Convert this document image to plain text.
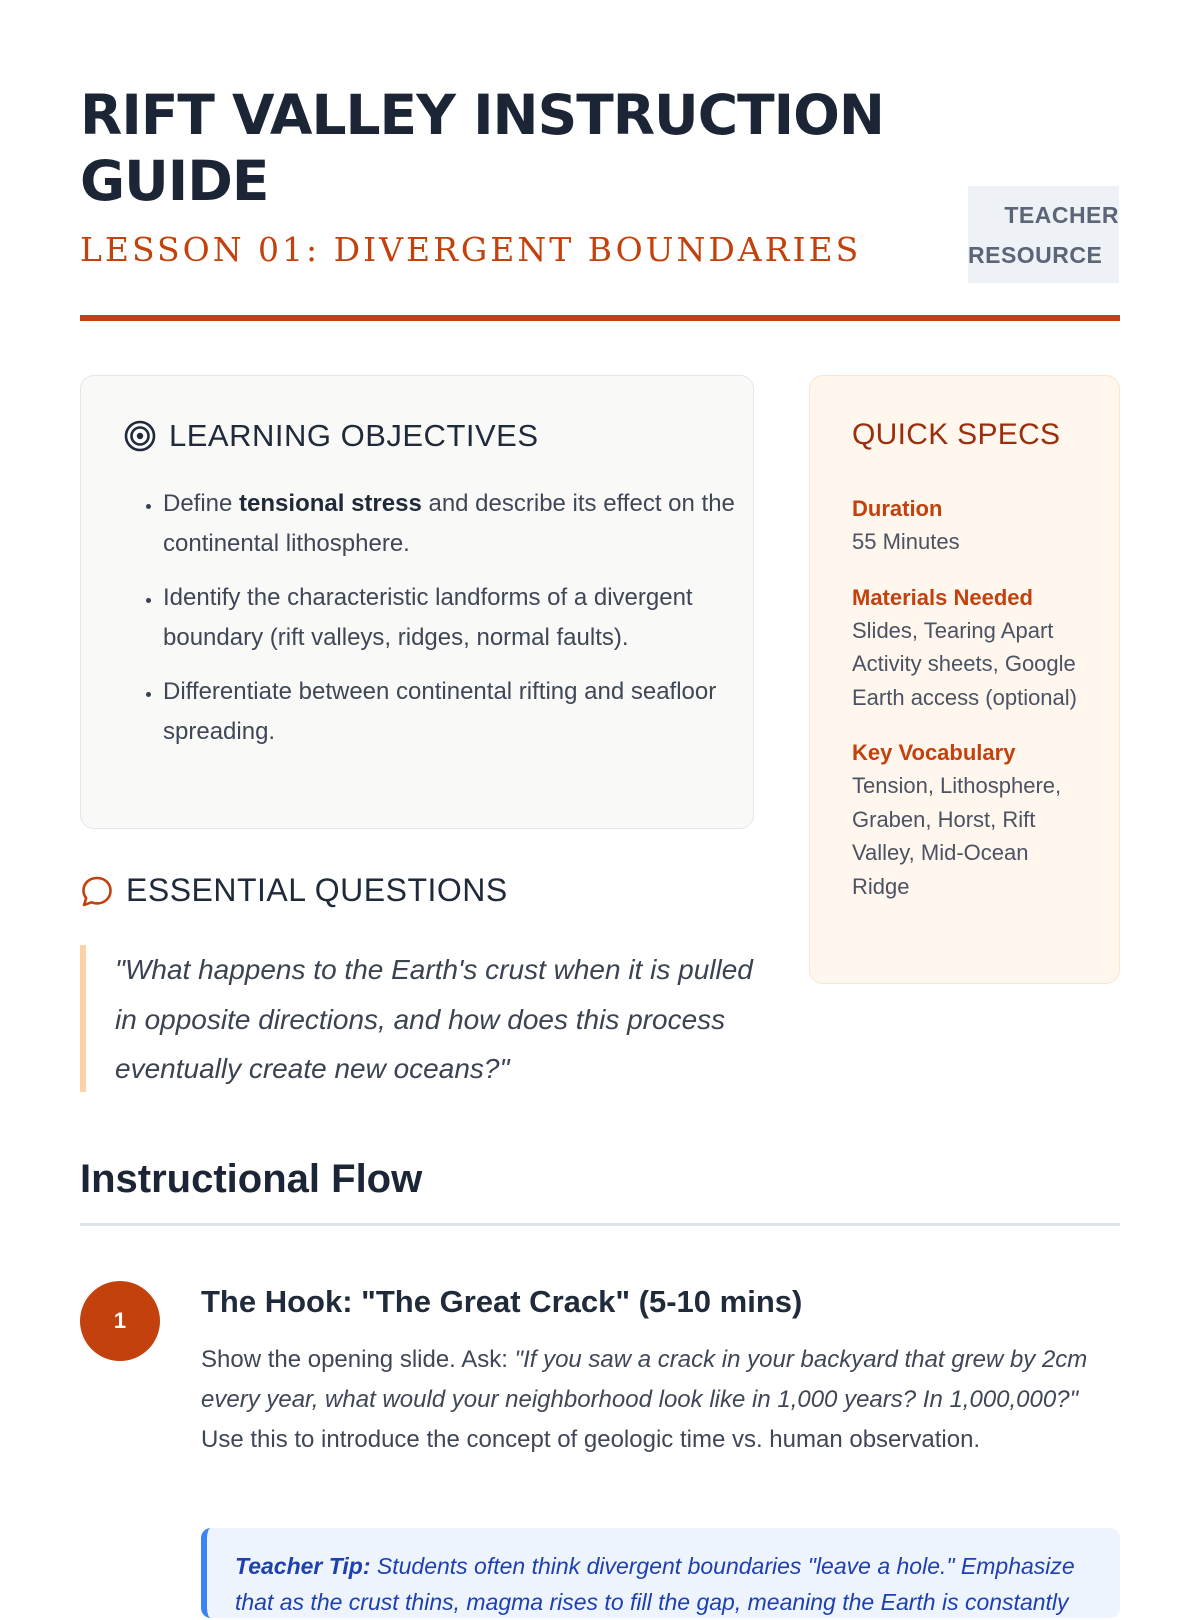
RIFT VALLEY INSTRUCTION GUIDE
LESSON 01: DIVERGENT BOUNDARIES
TEACHER
RESOURCE
LEARNING OBJECTIVES
• Define tensional stress and describe its effect on the continental lithosphere.
• Identify the characteristic landforms of a divergent boundary (rift valleys, ridges, normal faults).
• Differentiate between continental rifting and seafloor spreading.
QUICK SPECS
Duration
55 Minutes
Materials Needed
Slides, Tearing Apart Activity sheets, Google Earth access (optional)
Key Vocabulary
Tension, Lithosphere, Graben, Horst, Rift Valley, Mid-Ocean Ridge
ESSENTIAL QUESTIONS
"What happens to the Earth's crust when it is pulled in opposite directions, and how does this process eventually create new oceans?"
Instructional Flow
1
The Hook: "The Great Crack" (5-10 mins)

Show the opening slide. Ask: "If you saw a crack in your backyard that grew by 2cm every year, what would your neighborhood look like in 1,000 years? In 1,000,000?" Use this to introduce the concept of geologic time vs. human observation.

Teacher Tip: Students often think divergent boundaries "leave a hole." Emphasize that as the crust thins, magma rises to fill the gap, meaning the Earth is constantly
